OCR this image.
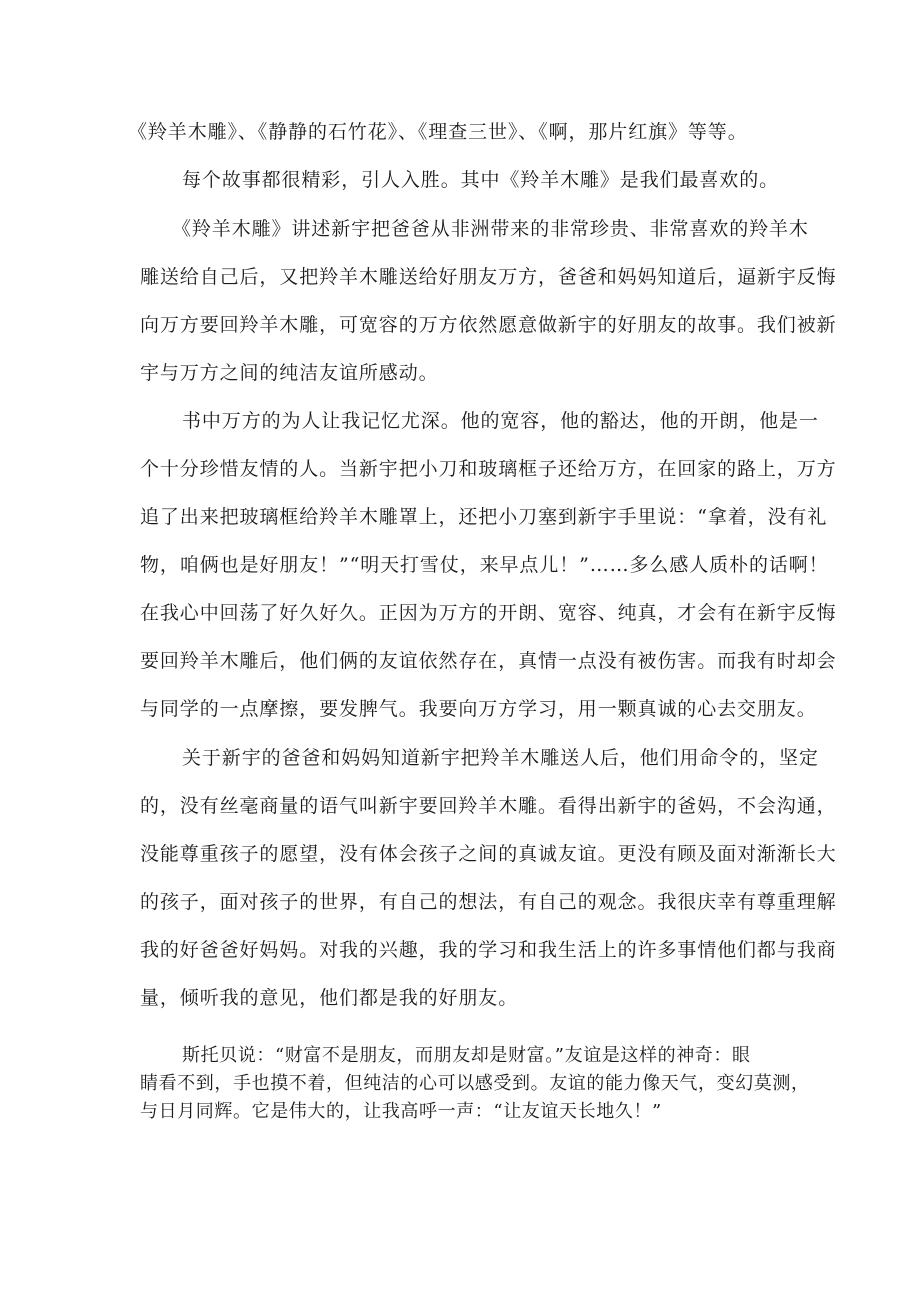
《羚羊木雕》、《静静的石竹花》、《理查三世》、《啊，那片红旗》等等。
每个故事都很精彩，引人入胜。其中《羚羊木雕》是我们最喜欢的。
《羚羊木雕》讲述新宇把爸爸从非洲带来的非常珍贵、非常喜欢的羚羊木
雕送给自己后，又把羚羊木雕送给好朋友万方，爸爸和妈妈知道后，逼新宇反悔
向万方要回羚羊木雕，可宽容的万方依然愿意做新宇的好朋友的故事。我们被新
宇与万方之间的纯洁友谊所感动。
书中万方的为人让我记忆尤深。他的宽容，他的豁达，他的开朗，他是一
个十分珍惜友情的人。当新宇把小刀和玻璃框子还给万方，在回家的路上，万方
追了出来把玻璃框给羚羊木雕罩上，还把小刀塞到新宇手里说：“拿着，没有礼
物，咱俩也是好朋友！”“明天打雪仗，来早点儿！”……多么感人质朴的话啊！
在我心中回荡了好久好久。正因为万方的开朗、宽容、纯真，才会有在新宇反悔
要回羚羊木雕后，他们俩的友谊依然存在，真情一点没有被伤害。而我有时却会
与同学的一点摩擦，要发脾气。我要向万方学习，用一颗真诚的心去交朋友。
关于新宇的爸爸和妈妈知道新宇把羚羊木雕送人后，他们用命令的，坚定
的，没有丝毫商量的语气叫新宇要回羚羊木雕。看得出新宇的爸妈，不会沟通，
没能尊重孩子的愿望，没有体会孩子之间的真诚友谊。更没有顾及面对渐渐长大
的孩子，面对孩子的世界，有自己的想法，有自己的观念。我很庆幸有尊重理解
我的好爸爸好妈妈。对我的兴趣，我的学习和我生活上的许多事情他们都与我商
量，倾听我的意见，他们都是我的好朋友。
斯托贝说：“财富不是朋友，而朋友却是财富。”友谊是这样的神奇：眼
睛看不到，手也摸不着，但纯洁的心可以感受到。友谊的能力像天气，变幻莫测，
与日月同辉。它是伟大的，让我高呼一声：“让友谊天长地久！”
